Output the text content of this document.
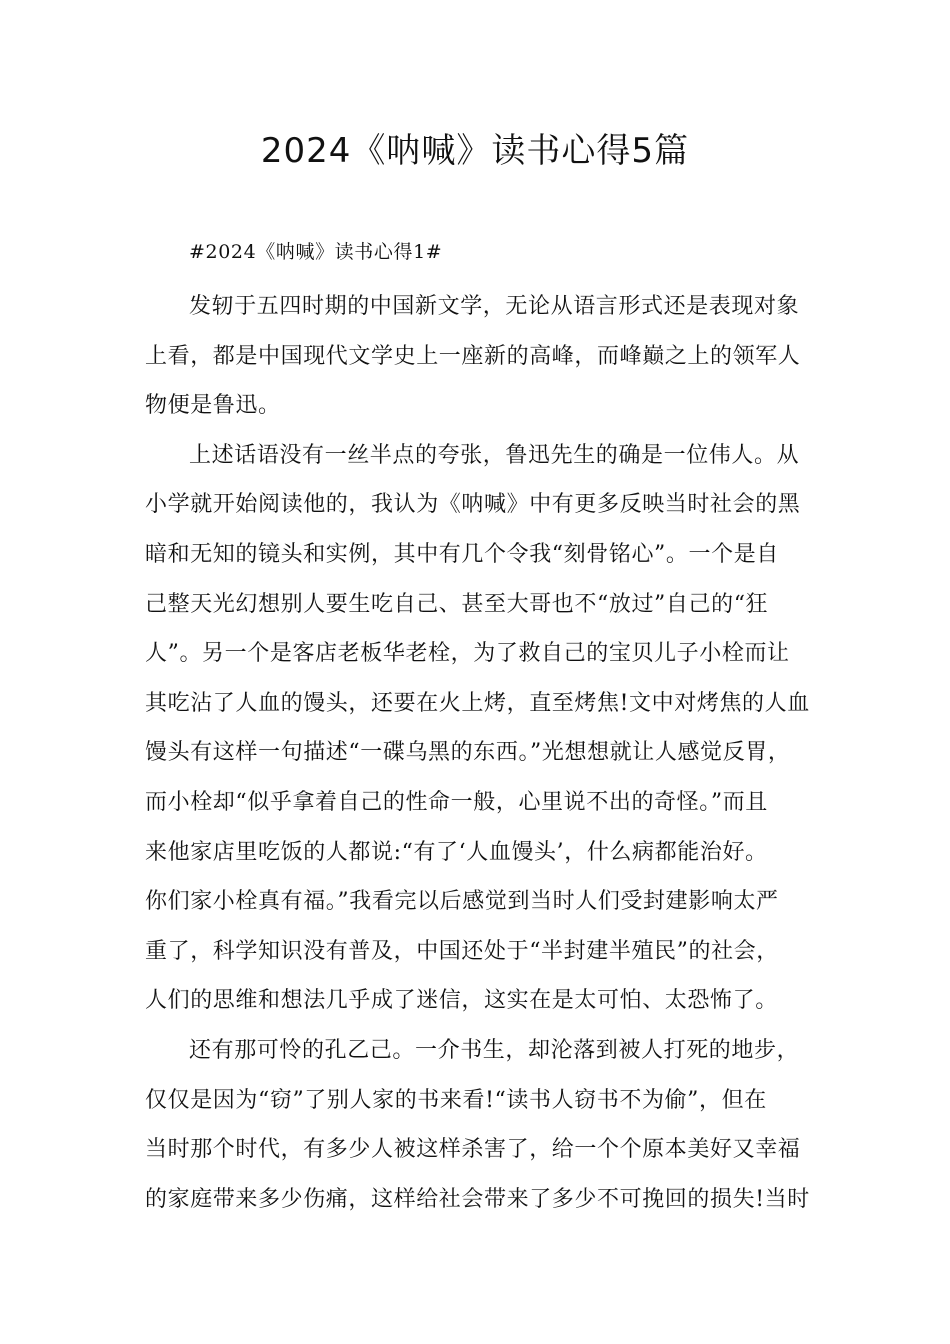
2024《呐喊》读书心得5篇
#2024《呐喊》读书心得1#
发轫于五四时期的中国新文学，无论从语言形式还是表现对象
上看，都是中国现代文学史上一座新的高峰，而峰巅之上的领军人
物便是鲁迅。
上述话语没有一丝半点的夸张，鲁迅先生的确是一位伟人。从
小学就开始阅读他的，我认为《呐喊》中有更多反映当时社会的黑
暗和无知的镜头和实例，其中有几个令我“刻骨铭心”。一个是自
己整天光幻想别人要生吃自己、甚至大哥也不“放过”自己的“狂
人”。另一个是客店老板华老栓，为了救自己的宝贝儿子小栓而让
其吃沾了人血的馒头，还要在火上烤，直至烤焦!文中对烤焦的人血
馒头有这样一句描述“一碟乌黑的东西。”光想想就让人感觉反胃，
而小栓却“似乎拿着自己的性命一般，心里说不出的奇怪。”而且
来他家店里吃饭的人都说:“有了‘人血馒头’，什么病都能治好。
你们家小栓真有福。”我看完以后感觉到当时人们受封建影响太严
重了，科学知识没有普及，中国还处于“半封建半殖民”的社会，
人们的思维和想法几乎成了迷信，这实在是太可怕、太恐怖了。
还有那可怜的孔乙己。一介书生，却沦落到被人打死的地步，
仅仅是因为“窃”了别人家的书来看!“读书人窃书不为偷”，但在
当时那个时代，有多少人被这样杀害了，给一个个原本美好又幸福
的家庭带来多少伤痛，这样给社会带来了多少不可挽回的损失!当时
